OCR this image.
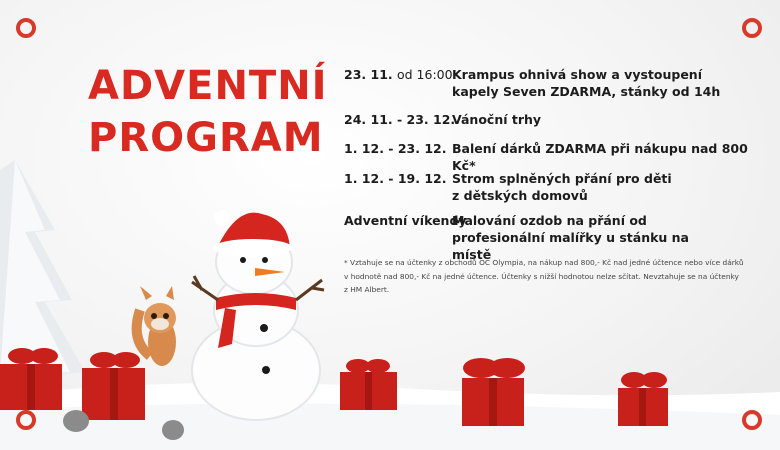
ADVENTNÍ
PROGRAM
23. 11. od 16:00 Krampus ohnivá show a vystoupení kapely Seven ZDARMA, stánky od 14h
24. 11. - 23. 12.
Vánoční trhy
1. 12. - 23. 12. Balení dárků ZDARMA při nákupu nad 800 Kč*
1. 12. - 19. 12. Strom splněných přání pro děti z dětských domovů
Adventní víkendy
Malování ozdob na přání od profesionální malířky u stánku na místě
* Vztahuje se na účtenky z obchodů OC Olympia, na nákup nad 800,- Kč nad jedné účtence nebo více dárků v hodnotě nad 800,- Kč na jedné účtence. Účtenky s nižší hodnotou nelze sčítat. Nevztahuje se na účtenky z HM Albert.
